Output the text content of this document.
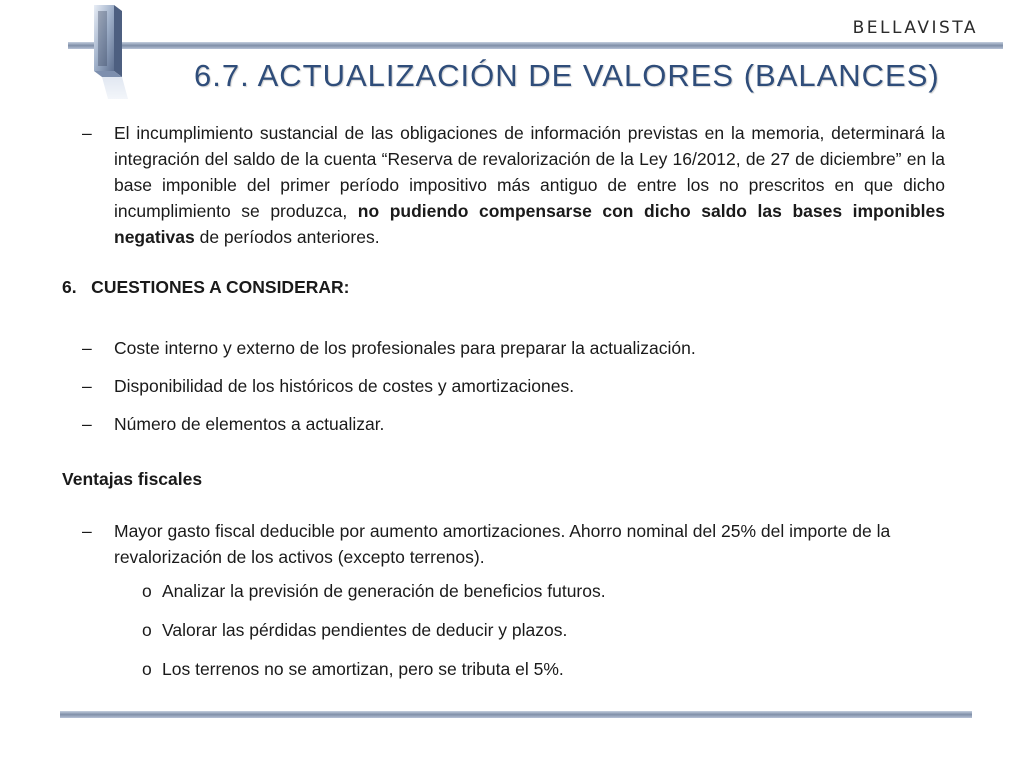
BELLAVISTA
6.7. ACTUALIZACIÓN DE VALORES (BALANCES)
– El incumplimiento sustancial de las obligaciones de información previstas en la memoria, determinará la integración del saldo de la cuenta “Reserva de revalorización de la Ley 16/2012, de 27 de diciembre” en la base imponible del primer período impositivo más antiguo de entre los no prescritos en que dicho incumplimiento se produzca, no pudiendo compensarse con dicho saldo las bases imponibles negativas de períodos anteriores.
6.   CUESTIONES A CONSIDERAR:
– Coste interno y externo de los profesionales para preparar la actualización.
– Disponibilidad de los históricos de costes y amortizaciones.
– Número de elementos a actualizar.
Ventajas fiscales
– Mayor gasto fiscal deducible por aumento amortizaciones. Ahorro nominal del 25% del importe de la revalorización de los activos (excepto terrenos).
o Analizar la previsión de generación de beneficios futuros.
o Valorar las pérdidas pendientes de deducir y plazos.
o Los terrenos no se amortizan, pero se tributa el 5%.
